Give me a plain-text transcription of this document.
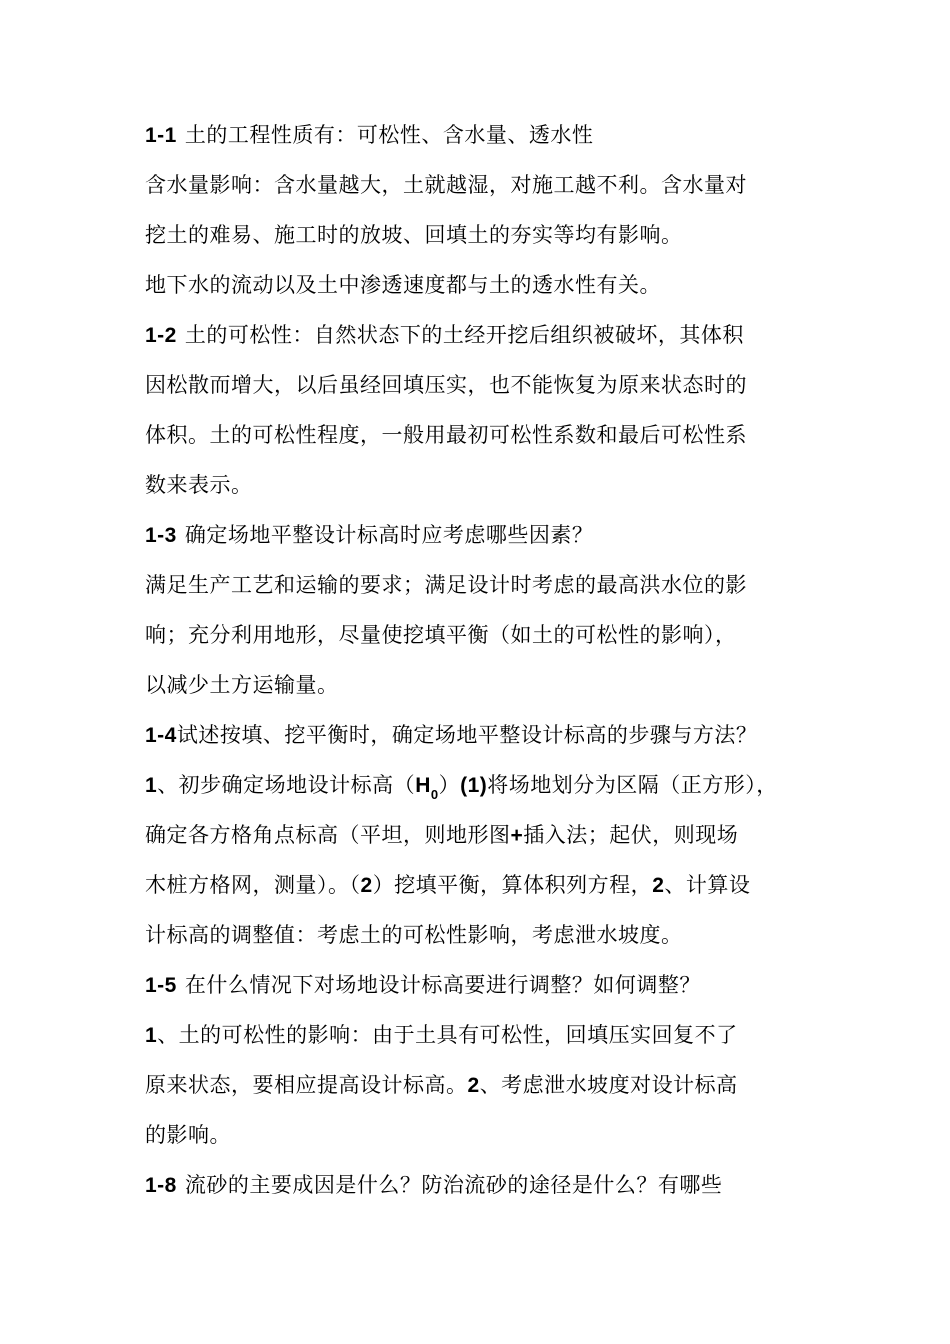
1-1 土的工程性质有：可松性、含水量、透水性
含水量影响：含水量越大，土就越湿，对施工越不利。含水量对
挖土的难易、施工时的放坡、回填土的夯实等均有影响。
地下水的流动以及土中渗透速度都与土的透水性有关。
1-2 土的可松性：自然状态下的土经开挖后组织被破坏，其体积
因松散而增大，以后虽经回填压实，也不能恢复为原来状态时的
体积。土的可松性程度，一般用最初可松性系数和最后可松性系
数来表示。
1-3 确定场地平整设计标高时应考虑哪些因素？
满足生产工艺和运输的要求；满足设计时考虑的最高洪水位的影
响；充分利用地形，尽量使挖填平衡（如土的可松性的影响），
以减少土方运输量。
1-4试述按填、挖平衡时，确定场地平整设计标高的步骤与方法？
1、初步确定场地设计标高$(H_0)(1)$将场地划分为区隔（正方形），
确定各方格角点标高（平坦，则地形图+插入法；起伏，则现场
木桩方格网，测量）。（2）挖填平衡，算体积列方程，2、计算设
计标高的调整值：考虑土的可松性影响，考虑泄水坡度。
1-5 在什么情况下对场地设计标高要进行调整？如何调整？
1、土的可松性的影响：由于土具有可松性，回填压实回复不了
原来状态，要相应提高设计标高。2、考虑泄水坡度对设计标高
的影响。
1-8 流砂的主要成因是什么？防治流砂的途径是什么？有哪些
